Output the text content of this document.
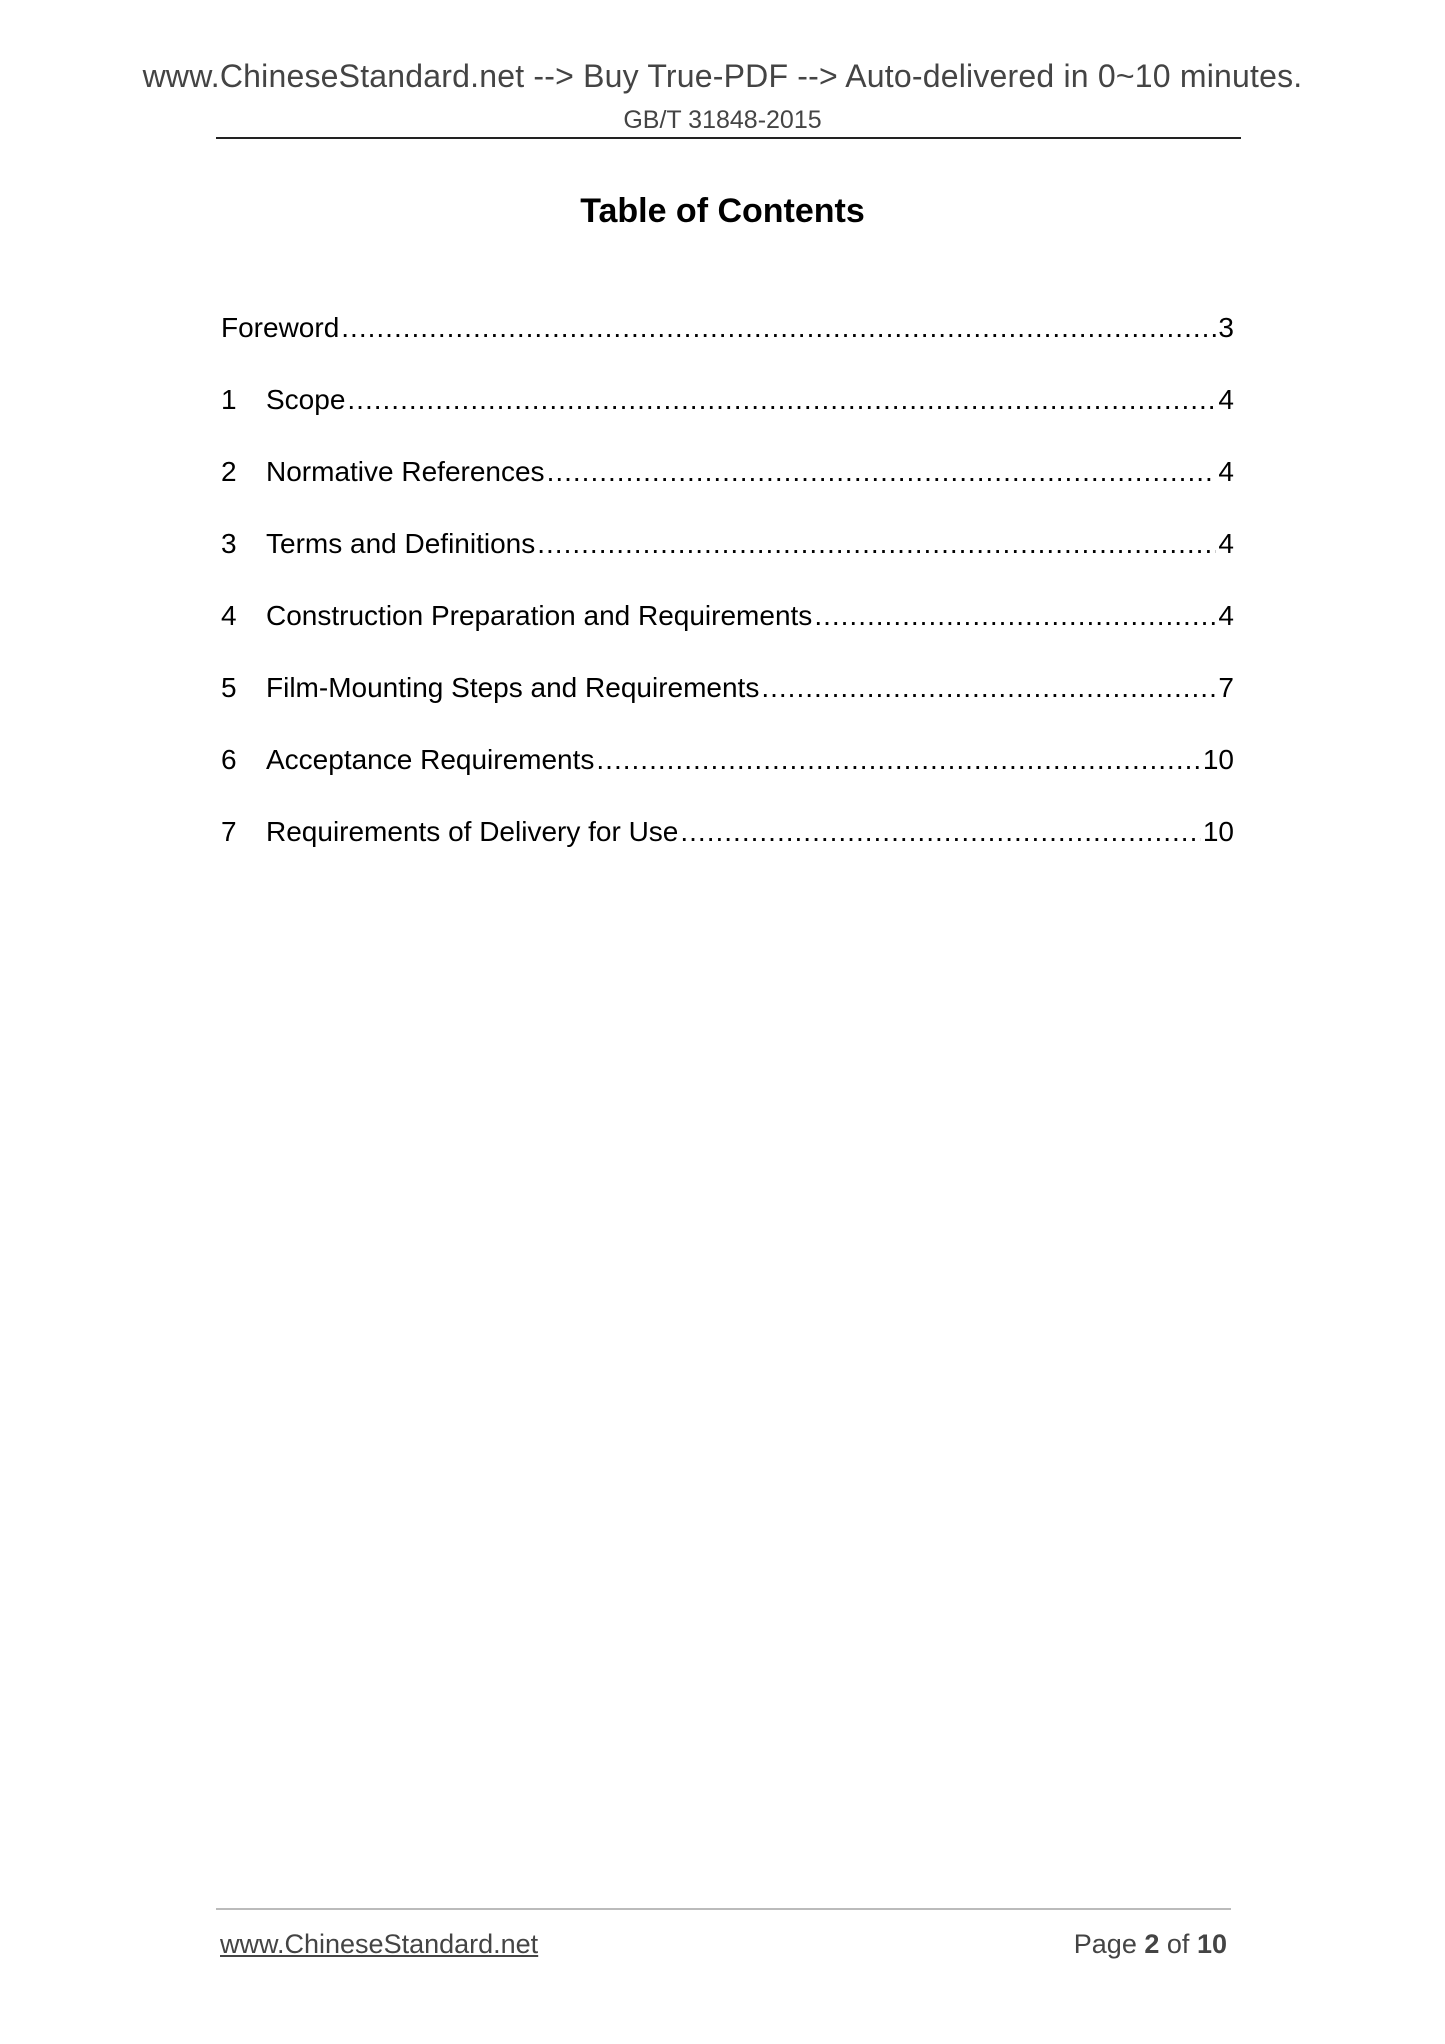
www.ChineseStandard.net --> Buy True-PDF --> Auto-delivered in 0~10 minutes.
GB/T 31848-2015
Table of Contents
Foreword .....	3
1	Scope .....	4
2	Normative References .....	4
3	Terms and Definitions .....	4
4	Construction Preparation and Requirements .....	4
5	Film-Mounting Steps and Requirements .....	7
6	Acceptance Requirements .....	10
7	Requirements of Delivery for Use .....	10
www.ChineseStandard.net	Page 2 of 10
